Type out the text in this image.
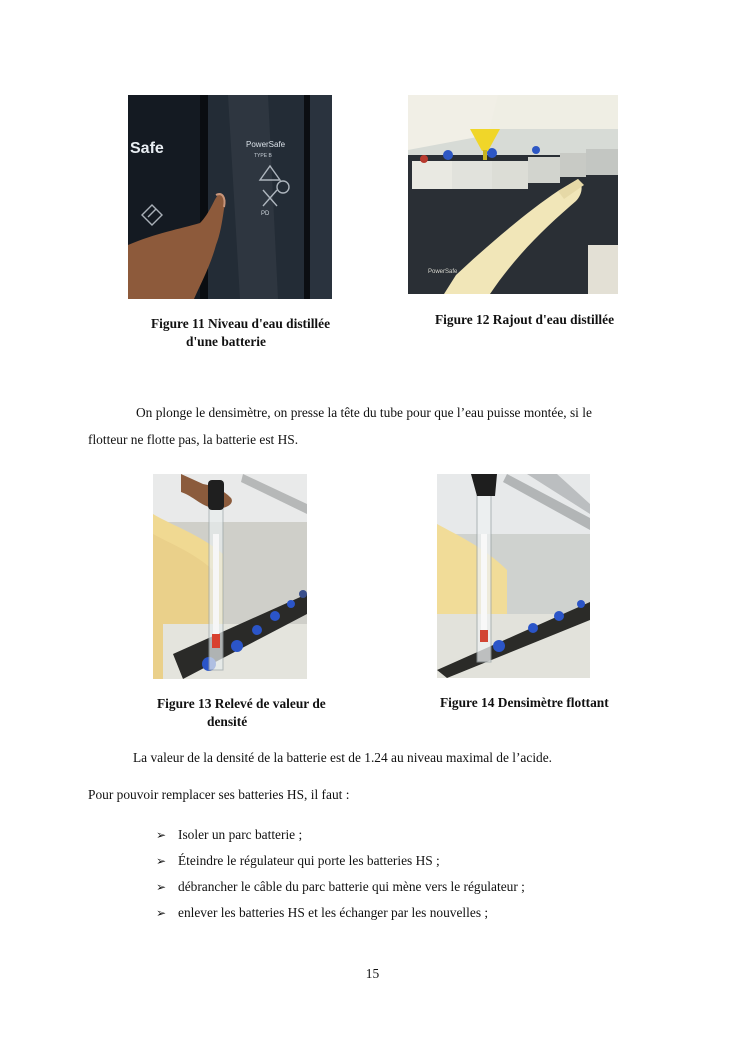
Safe	PowerSafe
TYPE B
PD
PowerSafe
Figure 11 Niveau d'eau distillée
d'une batterie
Figure 12 Rajout d'eau distillée
On plonge le densimètre, on presse la tête du tube pour que l’eau puisse montée, si le
flotteur ne flotte pas, la batterie est HS.
Figure 13 Relevé de valeur de
densité
Figure 14 Densimètre flottant
La valeur de la densité de la batterie est de 1.24 au niveau maximal de l’acide.
Pour pouvoir remplacer ses batteries HS, il faut :
➢ Isoler un parc batterie ;
➢ Éteindre le régulateur qui porte les batteries HS ;
➢ débrancher le câble du parc batterie qui mène vers le régulateur ;
➢ enlever les batteries HS et les échanger par les nouvelles ;
15
